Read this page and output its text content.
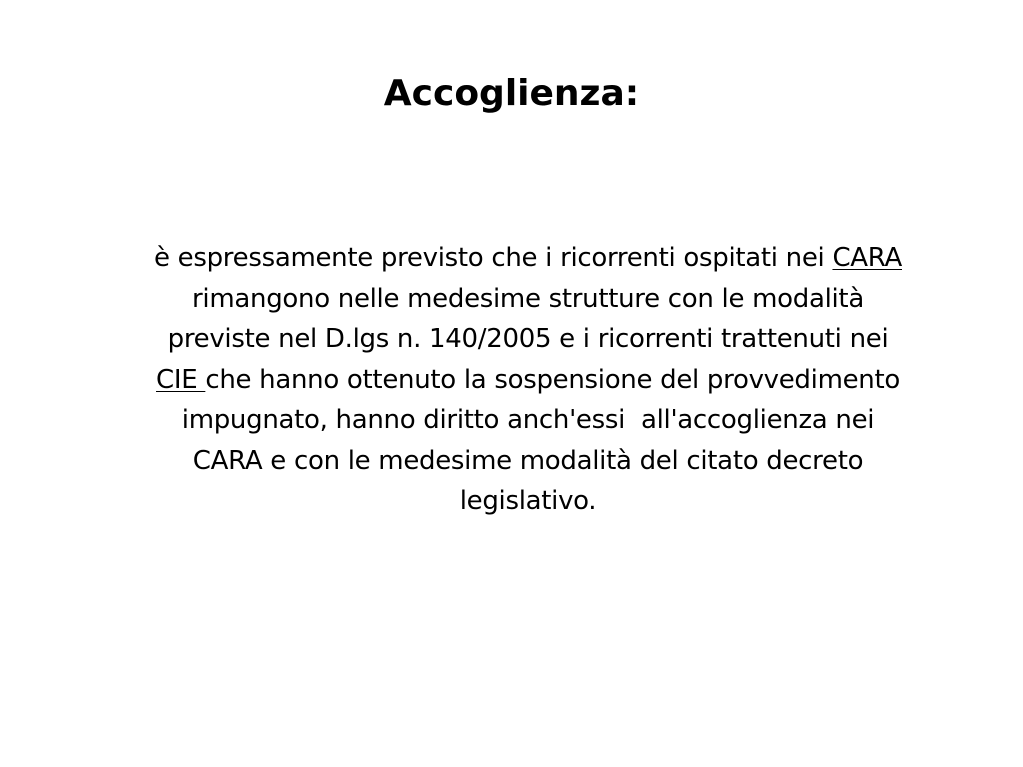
Accoglienza:

è espressamente previsto che i ricorrenti ospitati nei CARA
rimangono nelle medesime strutture con le modalità
previste nel D.lgs n. 140/2005 e i ricorrenti trattenuti nei
CIE che hanno ottenuto la sospensione del provvedimento
impugnato, hanno diritto anch'essi  all'accoglienza nei
CARA e con le medesime modalità del citato decreto
legislativo.
